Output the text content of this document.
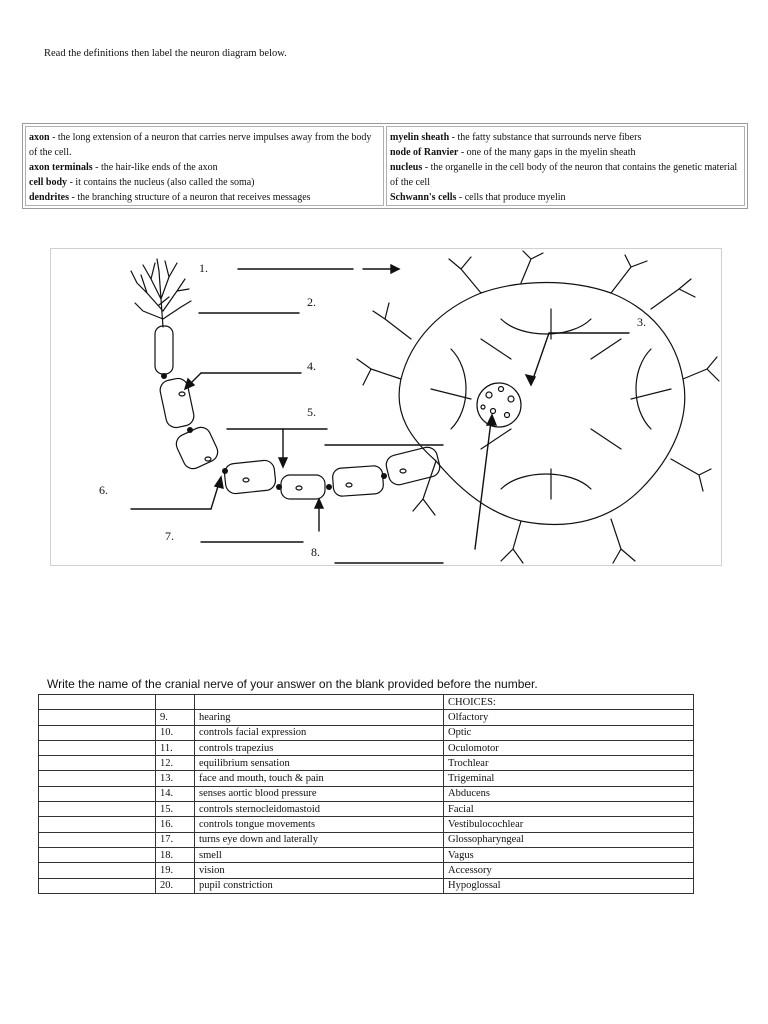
Read the definitions then label the neuron diagram below.
axon - the long extension of a neuron that carries nerve impulses away from the body of the cell.
axon terminals - the hair-like ends of the axon
cell body - it contains the nucleus (also called the soma)
dendrites - the branching structure of a neuron that receives messages
myelin sheath - the fatty substance that surrounds nerve fibers
node of Ranvier - one of the many gaps in the myelin sheath
nucleus - the organelle in the cell body of the neuron that contains the genetic material of the cell
Schwann's cells - cells that produce myelin
1.
2.
3.
4.
5.
6.
7.
8.
Write the name of the cranial nerve of your answer on the blank provided before the number.
			CHOICES:
	9.	hearing	Olfactory
	10.	controls facial expression	Optic
	11.	controls trapezius	Oculomotor
	12.	equilibrium sensation	Trochlear
	13.	face and mouth, touch & pain	Trigeminal
	14.	senses aortic blood pressure	Abducens
	15.	controls sternocleidomastoid	Facial
	16.	controls tongue movements	Vestibulocochlear
	17.	turns eye down and laterally	Glossopharyngeal
	18.	smell	Vagus
	19.	vision	Accessory
	20.	pupil constriction	Hypoglossal
